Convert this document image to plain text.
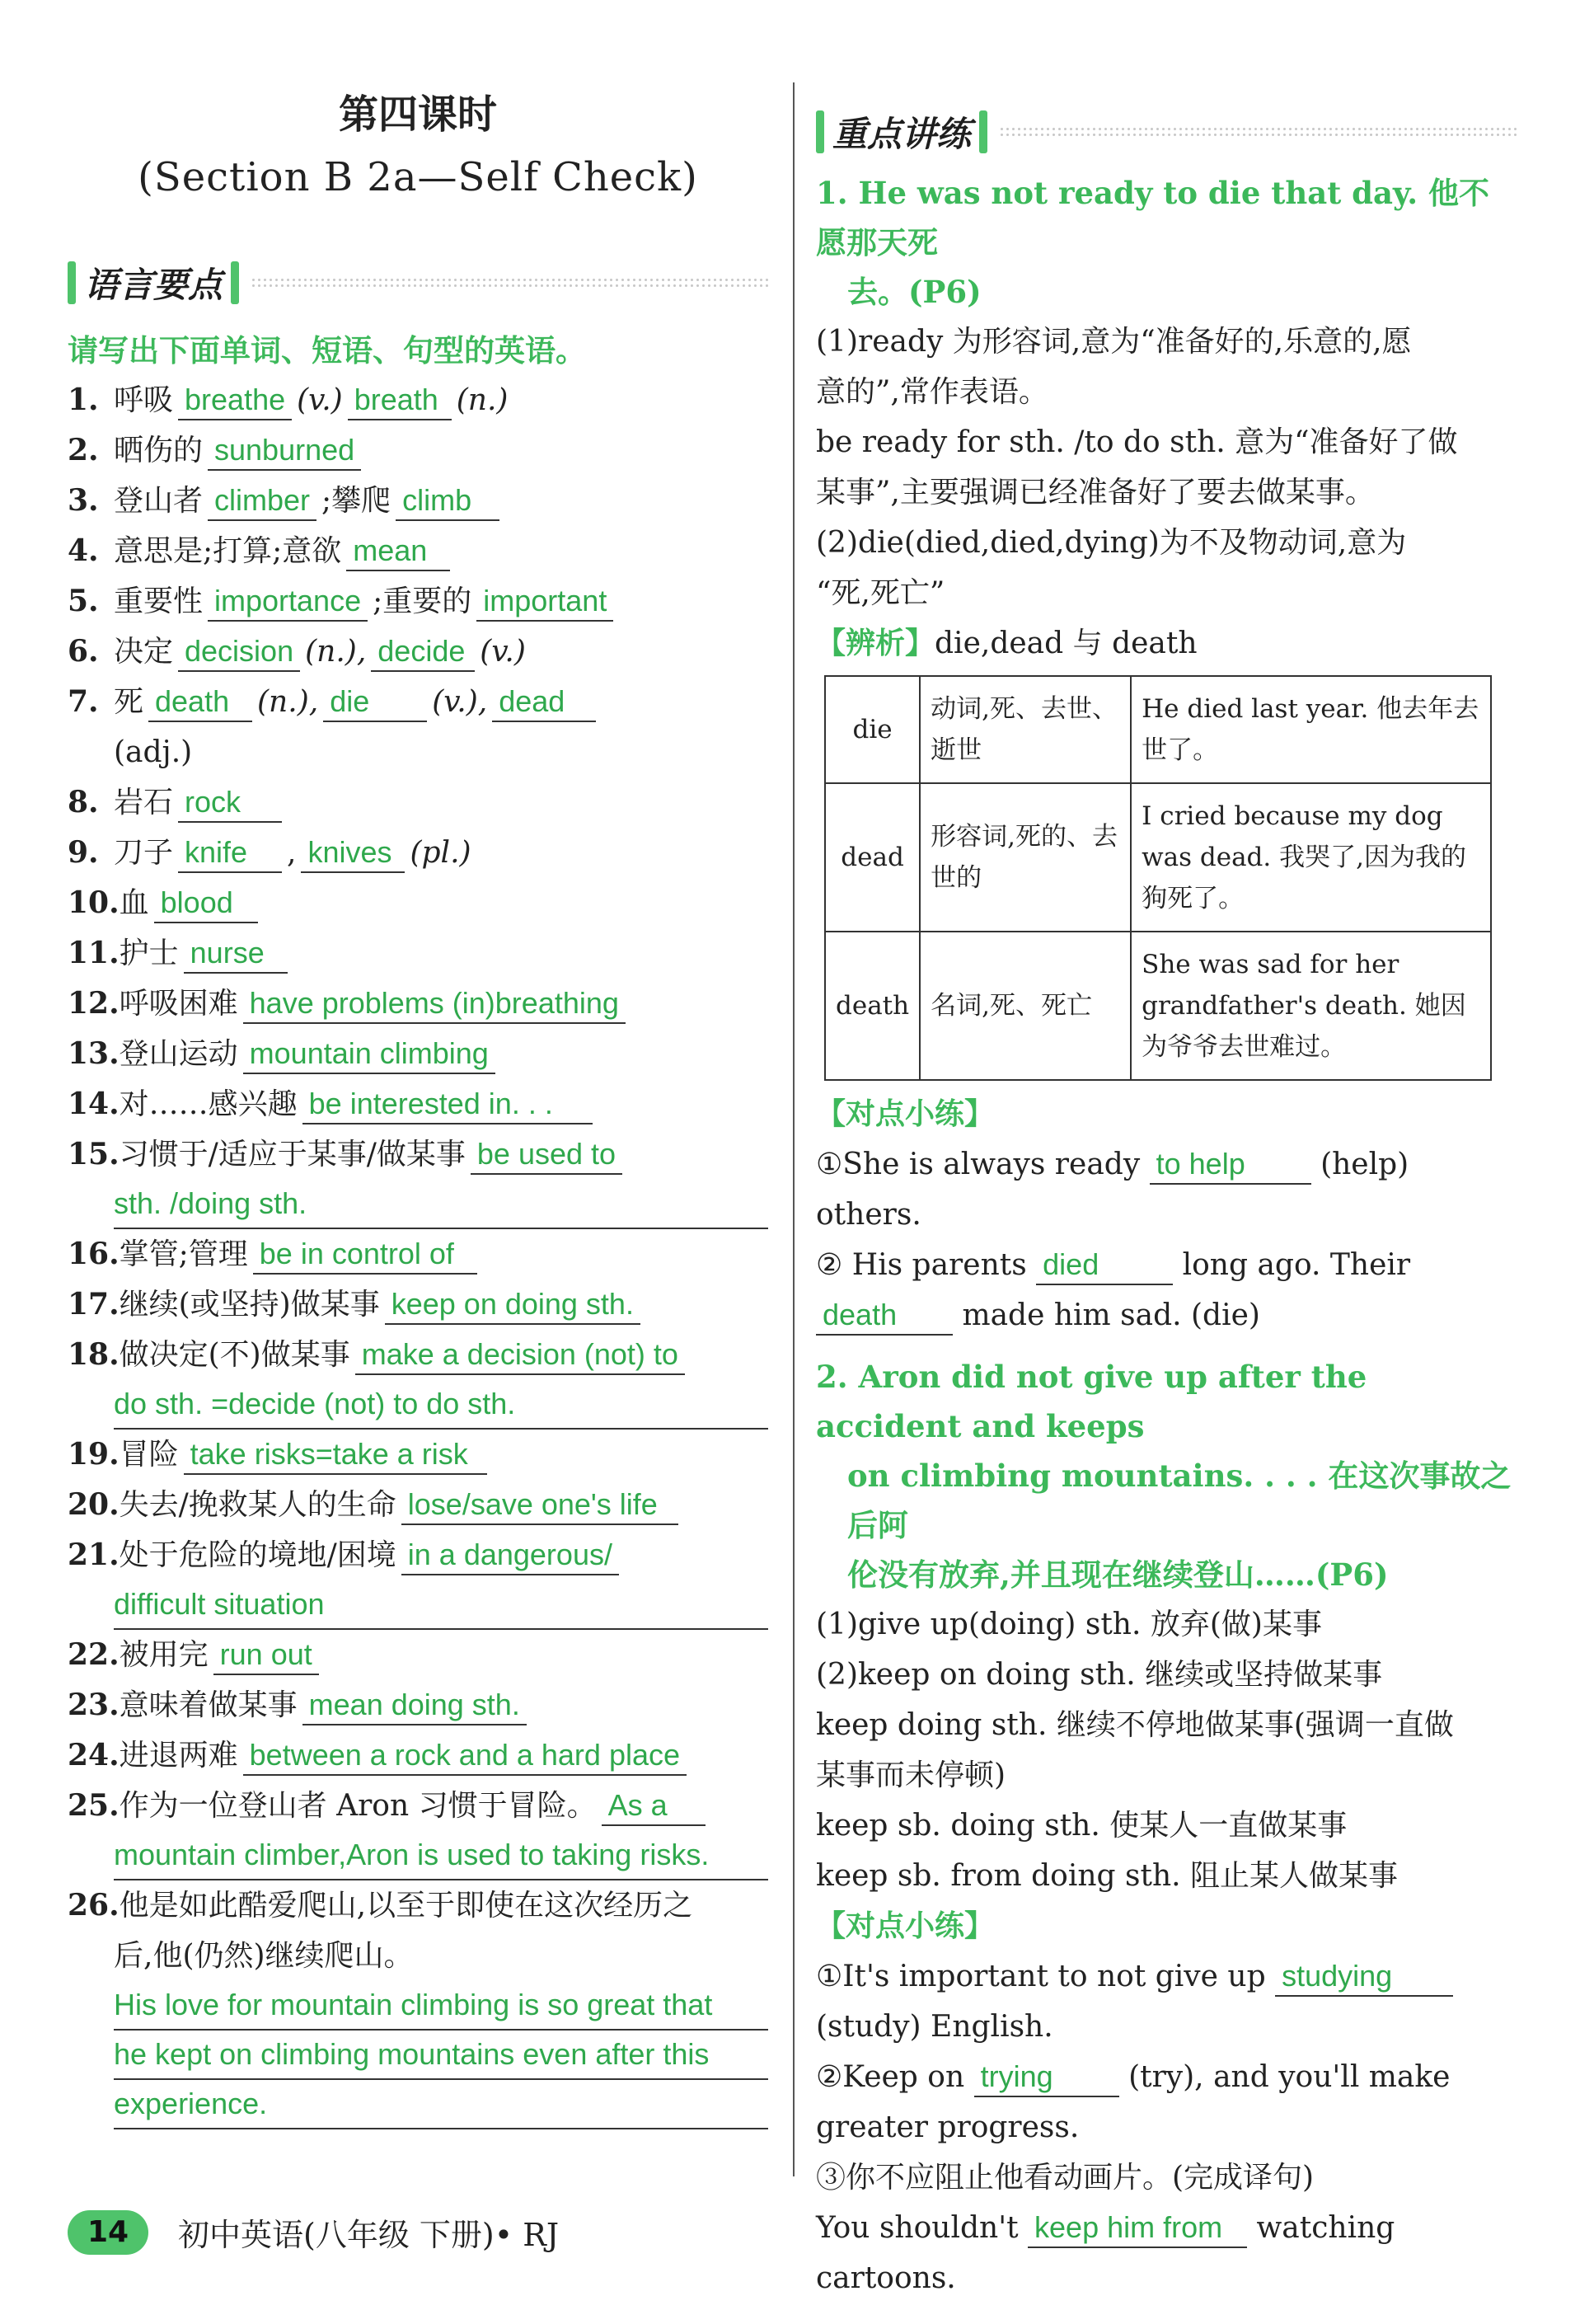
第四课时
(Section B 2a—Self Check)
语言要点
请写出下面单词、短语、句型的英语。
1. 呼吸 breathe (v.) breath (n.)
2. 晒伤的 sunburned
3. 登山者 climber ;攀爬 climb
4. 意思是;打算;意欲 mean
5. 重要性 importance ;重要的 important
6. 决定 decision (n.), decide (v.)
7. 死 death (n.), die (v.), dead
(adj.)
8. 岩石 rock
9. 刀子 knife , knives (pl.)
10.血 blood
11.护士 nurse
12.呼吸困难 have problems (in)breathing
13.登山运动 mountain climbing
14.对……感兴趣 be interested in. . .
15.习惯于/适应于某事/做某事 be used to
sth. /doing sth.
16.掌管;管理 be in control of
17.继续(或坚持)做某事 keep on doing sth.
18.做决定(不)做某事 make a decision (not) to
do sth. =decide (not) to do sth.
19.冒险 take risks=take a risk
20.失去/挽救某人的生命 lose/save one's life
21.处于危险的境地/困境 in a dangerous/
difficult situation
22.被用完 run out
23.意味着做某事 mean doing sth.
24.进退两难 between a rock and a hard place
25.作为一位登山者 Aron 习惯于冒险。 As a
mountain climber,Aron is used to taking risks.
26.他是如此酷爱爬山,以至于即使在这次经历之
后,他(仍然)继续爬山。
His love for mountain climbing is so great that
he kept on climbing mountains even after this
experience.
重点讲练
1. He was not ready to die that day. 他不愿那天死
去。(P6)
(1)ready 为形容词,意为“准备好的,乐意的,愿
意的”,常作表语。
be ready for sth. /to do sth. 意为“准备好了做
某事”,主要强调已经准备好了要去做某事。
(2)die(died,died,dying)为不及物动词,意为
“死,死亡”
【辨析】die,dead 与 death
die	动词,死、去世、逝世	He died last year. 他去年去世了。
dead	形容词,死的、去世的	I cried because my dog was dead. 我哭了,因为我的狗死了。
death	名词,死、死亡	She was sad for her grandfather's death. 她因为爷爷去世难过。
【对点小练】
①She is always ready to help	(help)
others.
② His parents died	long ago. Their
death made him sad. (die)
2. Aron did not give up after the accident and keeps
on climbing mountains. . . . 在这次事故之后阿
伦没有放弃,并且现在继续登山……(P6)
(1)give up(doing) sth. 放弃(做)某事
(2)keep on doing sth. 继续或坚持做某事
keep doing sth. 继续不停地做某事(强调一直做
某事而未停顿)
keep sb. doing sth. 使某人一直做某事
keep sb. from doing sth. 阻止某人做某事
【对点小练】
①It's important to not give up studying
(study) English.
②Keep on trying	(try), and you'll make
greater progress.
③你不应阻止他看动画片。(完成译句)
You shouldn't keep him from watching
cartoons.
14	初中英语(八年级 下册)• RJ
